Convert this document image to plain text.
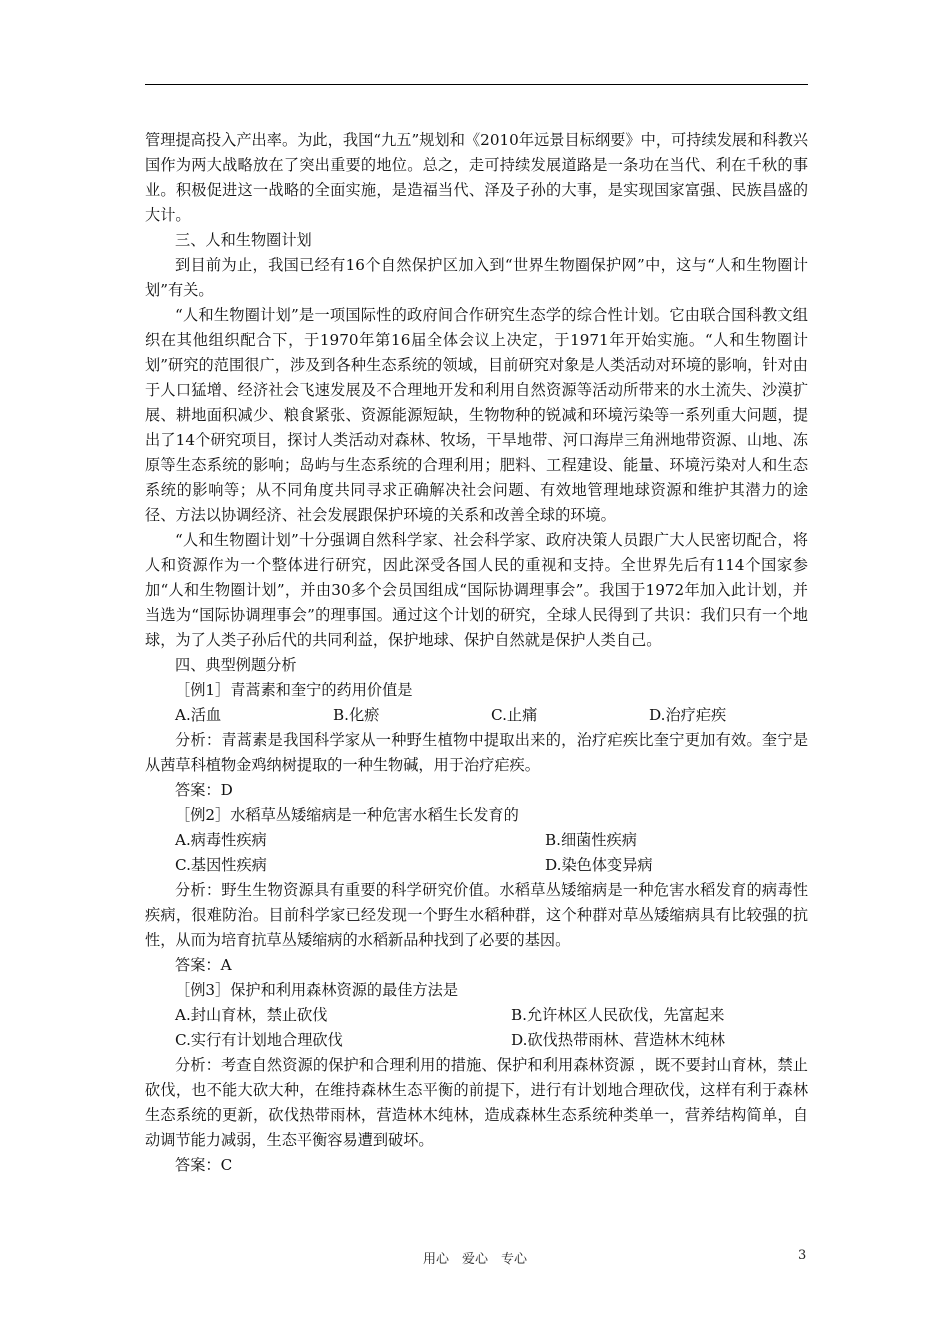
管理提高投入产出率。为此，我国“九五”规划和《2010年远景目标纲要》中，可持续发展和科教兴国作为两大战略放在了突出重要的地位。总之，走可持续发展道路是一条功在当代、利在千秋的事业。积极促进这一战略的全面实施，是造福当代、泽及子孙的大事，是实现国家富强、民族昌盛的大计。

三、人和生物圈计划

到目前为止，我国已经有16个自然保护区加入到“世界生物圈保护网”中，这与“人和生物圈计划”有关。

“人和生物圈计划”是一项国际性的政府间合作研究生态学的综合性计划。它由联合国科教文组织在其他组织配合下，于1970年第16届全体会议上决定，于1971年开始实施。“人和生物圈计划”研究的范围很广，涉及到各种生态系统的领域，目前研究对象是人类活动对环境的影响，针对由于人口猛增、经济社会飞速发展及不合理地开发和利用自然资源等活动所带来的水土流失、沙漠扩展、耕地面积减少、粮食紧张、资源能源短缺，生物物种的锐减和环境污染等一系列重大问题，提出了14个研究项目，探讨人类活动对森林、牧场，干旱地带、河口海岸三角洲地带资源、山地、冻原等生态系统的影响；岛屿与生态系统的合理利用；肥料、工程建设、能量、环境污染对人和生态系统的影响等；从不同角度共同寻求正确解决社会问题、有效地管理地球资源和维护其潜力的途径、方法以协调经济、社会发展跟保护环境的关系和改善全球的环境。

“人和生物圈计划”十分强调自然科学家、社会科学家、政府决策人员跟广大人民密切配合，将人和资源作为一个整体进行研究，因此深受各国人民的重视和支持。全世界先后有114个国家参加“人和生物圈计划”，并由30多个会员国组成“国际协调理事会”。我国于1972年加入此计划，并当选为“国际协调理事会”的理事国。通过这个计划的研究，全球人民得到了共识：我们只有一个地球，为了人类子孙后代的共同利益，保护地球、保护自然就是保护人类自己。

四、典型例题分析

［例1］青蒿素和奎宁的药用价值是

A.活血	B.化瘀	C.止痛	D.治疗疟疾

分析：青蒿素是我国科学家从一种野生植物中提取出来的，治疗疟疾比奎宁更加有效。奎宁是从茜草科植物金鸡纳树提取的一种生物碱，用于治疗疟疾。

答案：D

［例2］水稻草丛矮缩病是一种危害水稻生长发育的

A.病毒性疾病	B.细菌性疾病
C.基因性疾病	D.染色体变异病

分析：野生生物资源具有重要的科学研究价值。水稻草丛矮缩病是一种危害水稻发育的病毒性疾病，很难防治。目前科学家已经发现一个野生水稻种群，这个种群对草丛矮缩病具有比较强的抗性，从而为培育抗草丛矮缩病的水稻新品种找到了必要的基因。

答案：A

［例3］保护和利用森林资源的最佳方法是

A.封山育林，禁止砍伐	B.允许林区人民砍伐，先富起来
C.实行有计划地合理砍伐	D.砍伐热带雨林、营造林木纯林

分析：考查自然资源的保护和合理利用的措施、保护和利用森林资源 ，既不要封山育林，禁止砍伐，也不能大砍大种，在维持森林生态平衡的前提下，进行有计划地合理砍伐，这样有利于森林生态系统的更新，砍伐热带雨林，营造林木纯林，造成森林生态系统种类单一，营养结构简单，自动调节能力减弱，生态平衡容易遭到破坏。

答案：C

用心　爱心　专心	3
